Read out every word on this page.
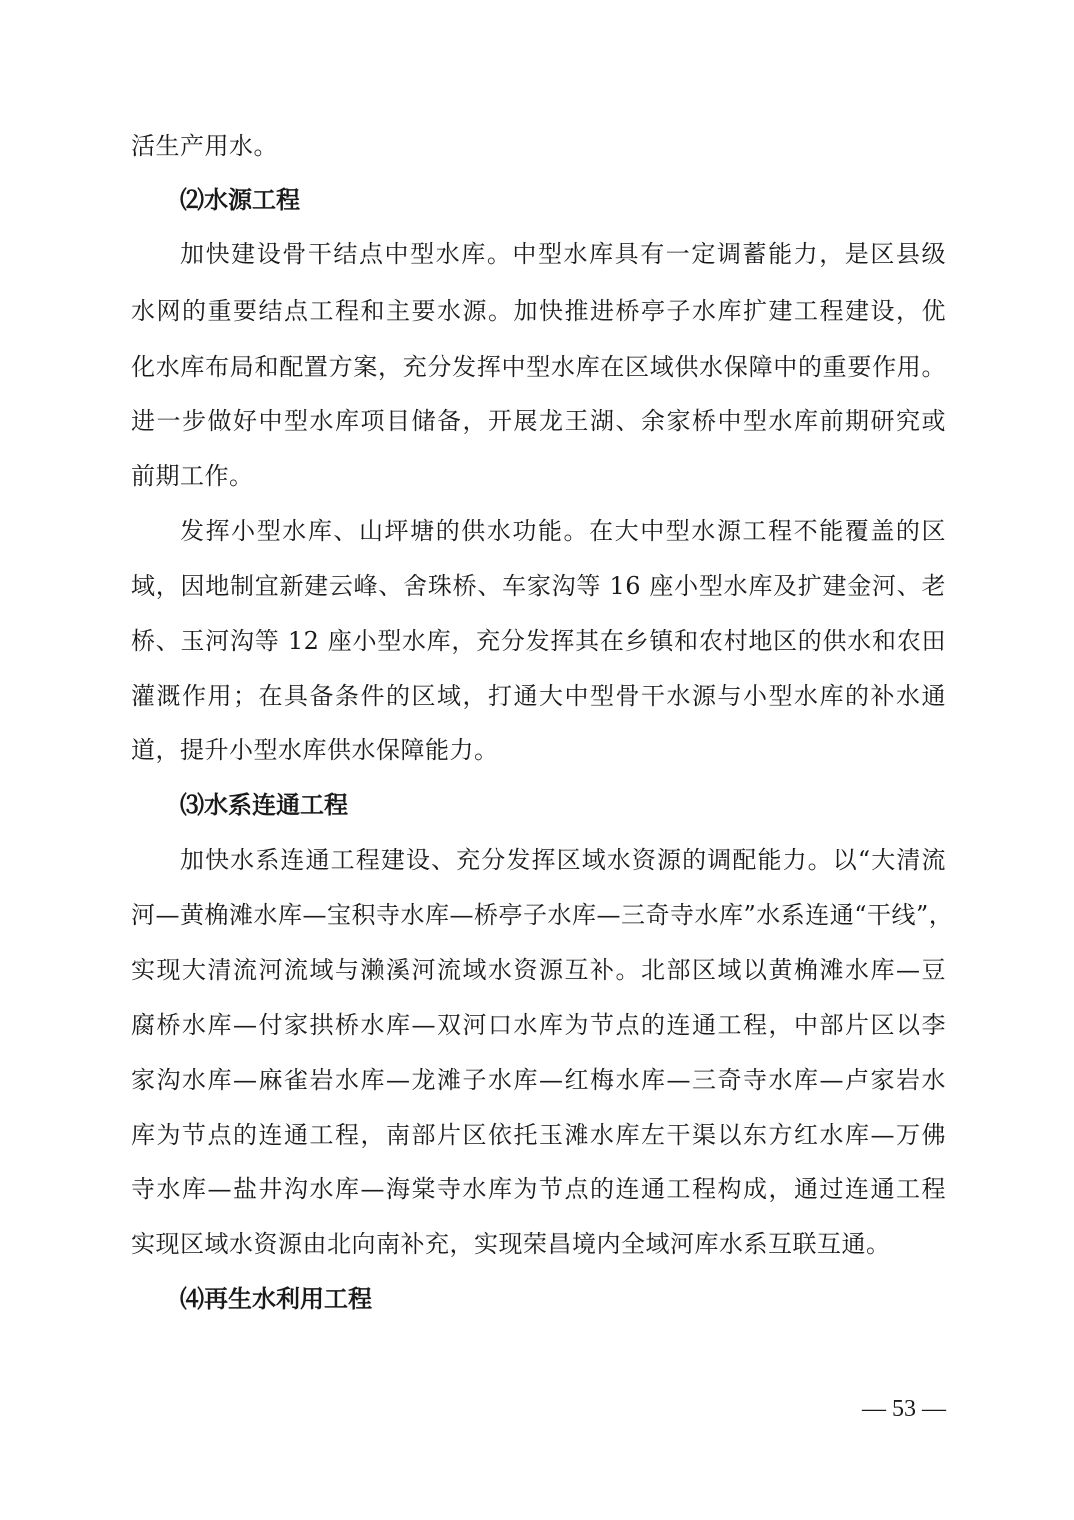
活生产用水。
⑵水源工程
加快建设骨干结点中型水库。中型水库具有一定调蓄能力，是区县级
水网的重要结点工程和主要水源。加快推进桥亭子水库扩建工程建设，优
化水库布局和配置方案，充分发挥中型水库在区域供水保障中的重要作用。
进一步做好中型水库项目储备，开展龙王湖、余家桥中型水库前期研究或
前期工作。
发挥小型水库、山坪塘的供水功能。在大中型水源工程不能覆盖的区
域，因地制宜新建云峰、舍珠桥、车家沟等 16 座小型水库及扩建金河、老
桥、玉河沟等 12 座小型水库，充分发挥其在乡镇和农村地区的供水和农田
灌溉作用；在具备条件的区域，打通大中型骨干水源与小型水库的补水通
道，提升小型水库供水保障能力。
⑶水系连通工程
加快水系连通工程建设、充分发挥区域水资源的调配能力。以“大清流
河—黄桷滩水库—宝积寺水库—桥亭子水库—三奇寺水库”水系连通“干线”，
实现大清流河流域与濑溪河流域水资源互补。北部区域以黄桷滩水库—豆
腐桥水库—付家拱桥水库—双河口水库为节点的连通工程，中部片区以李
家沟水库—麻雀岩水库—龙滩子水库—红梅水库—三奇寺水库—卢家岩水
库为节点的连通工程，南部片区依托玉滩水库左干渠以东方红水库—万佛
寺水库—盐井沟水库—海棠寺水库为节点的连通工程构成，通过连通工程
实现区域水资源由北向南补充，实现荣昌境内全域河库水系互联互通。
⑷再生水利用工程
— 53 —
